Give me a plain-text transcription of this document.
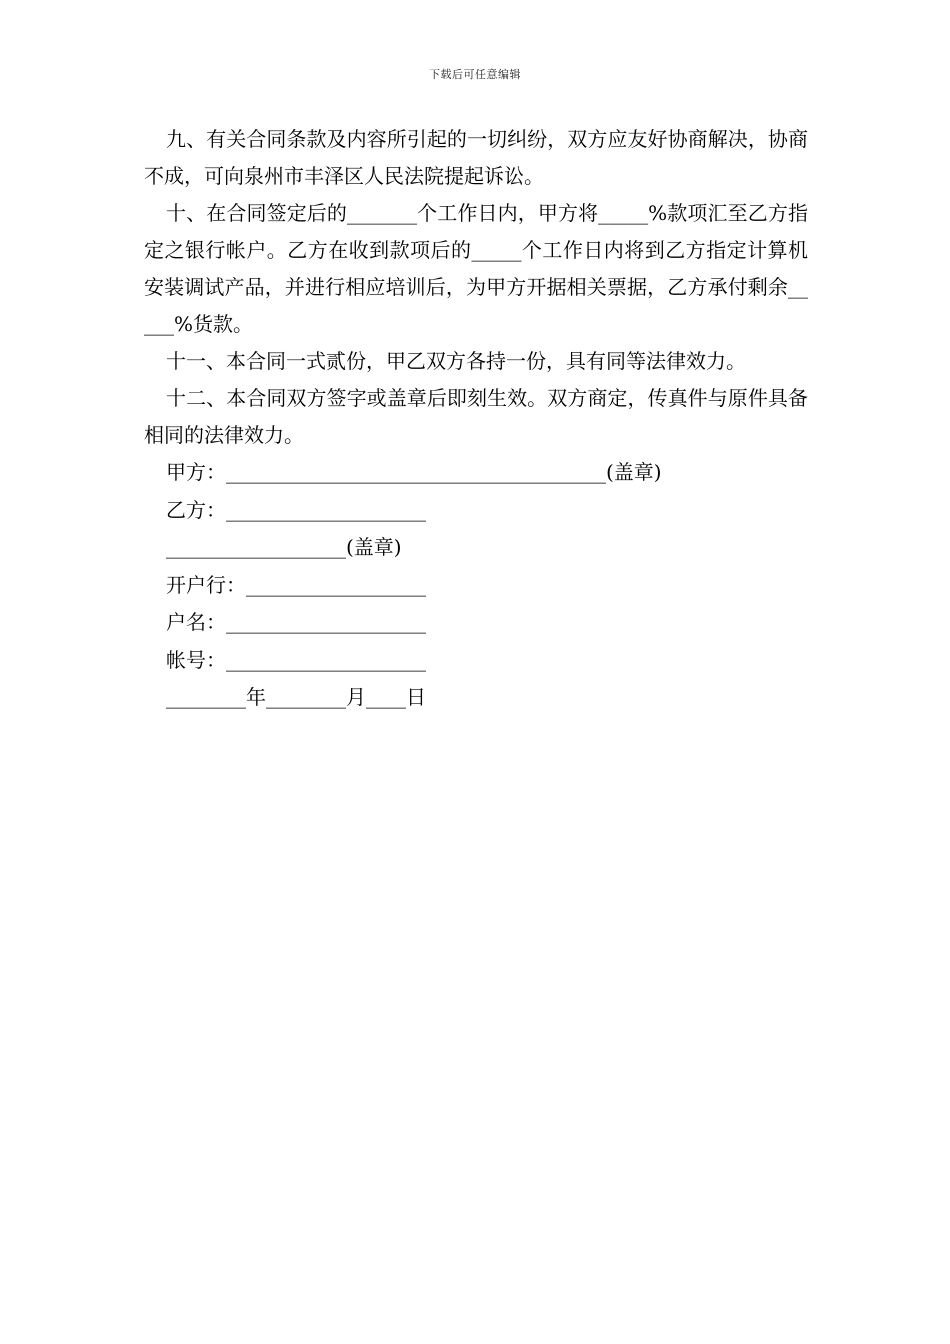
下载后可任意编辑

九、有关合同条款及内容所引起的一切纠纷，双方应友好协商解决，协商不成，可向泉州市丰泽区人民法院提起诉讼。

十、在合同签定后的_______个工作日内，甲方将_____%款项汇至乙方指定之银行帐户。乙方在收到款项后的_____个工作日内将到乙方指定计算机安装调试产品，并进行相应培训后，为甲方开据相关票据，乙方承付剩余_____%货款。

十一、本合同一式贰份，甲乙双方各持一份，具有同等法律效力。

十二、本合同双方签字或盖章后即刻生效。双方商定，传真件与原件具备相同的法律效力。

甲方：______________________________________(盖章)

乙方：____________________

__________________(盖章)

开户行：__________________

户名：____________________

帐号：____________________

________年________月____日
